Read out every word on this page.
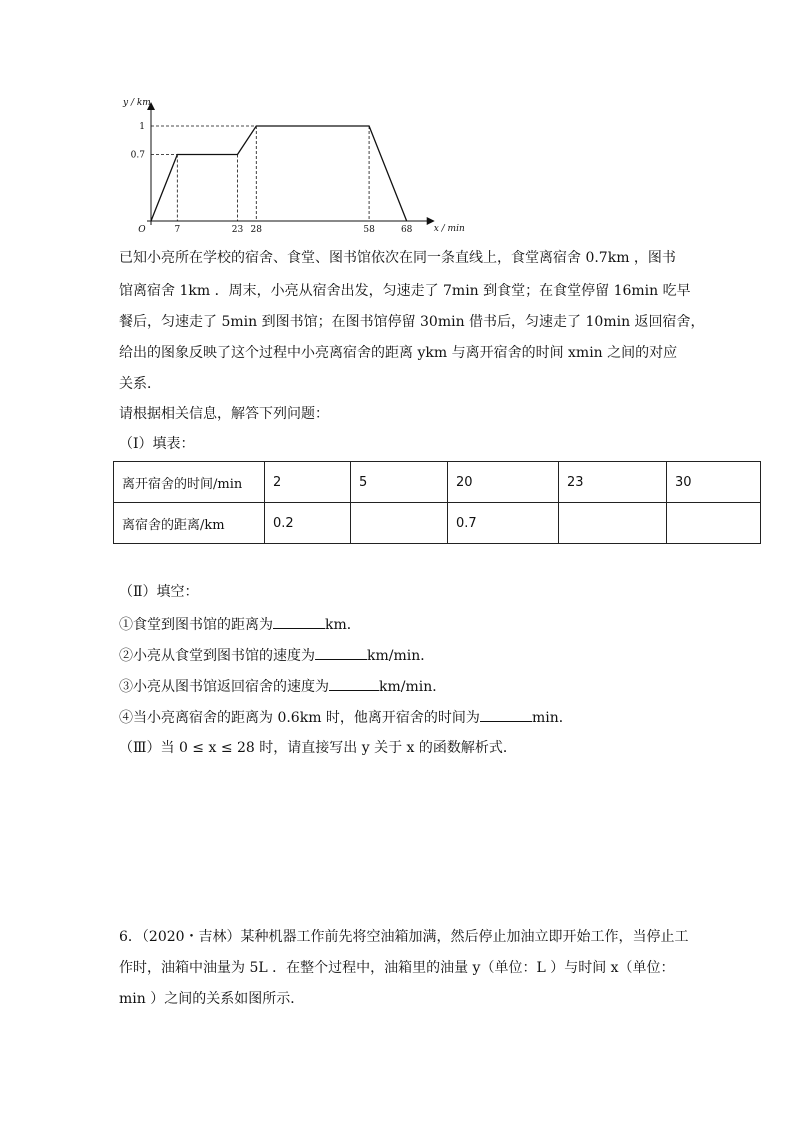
7	23 28	58	68
0.7
1
O	x / min
y / km
已知小亮所在学校的宿舍、食堂、图书馆依次在同一条直线上，食堂离宿舍 0.7km ，图书
馆离宿舍 1km ．周末，小亮从宿舍出发，匀速走了 7min 到食堂；在食堂停留 16min 吃早
餐后，匀速走了 5min 到图书馆；在图书馆停留 30min 借书后，匀速走了 10min 返回宿舍，
给出的图象反映了这个过程中小亮离宿舍的距离 ykm 与离开宿舍的时间 xmin 之间的对应
关系．
请根据相关信息，解答下列问题：
（Ⅰ）填表：
离开宿舍的时间/min	2	5	20	23	30
离宿舍的距离/km	0.2		0.7		
（Ⅱ）填空：
①食堂到图书馆的距离为	km．
②小亮从食堂到图书馆的速度为	km/min．
③小亮从图书馆返回宿舍的速度为	km/min．
④当小亮离宿舍的距离为 0.6km 时，他离开宿舍的时间为	min．
（Ⅲ）当 0 ≤ x ≤ 28 时，请直接写出 y 关于 x 的函数解析式．
6．（2020・吉林）某种机器工作前先将空油箱加满，然后停止加油立即开始工作，当停止工
作时，油箱中油量为 5L ．在整个过程中，油箱里的油量 y（单位：L ）与时间 x（单位：
min ）之间的关系如图所示．
